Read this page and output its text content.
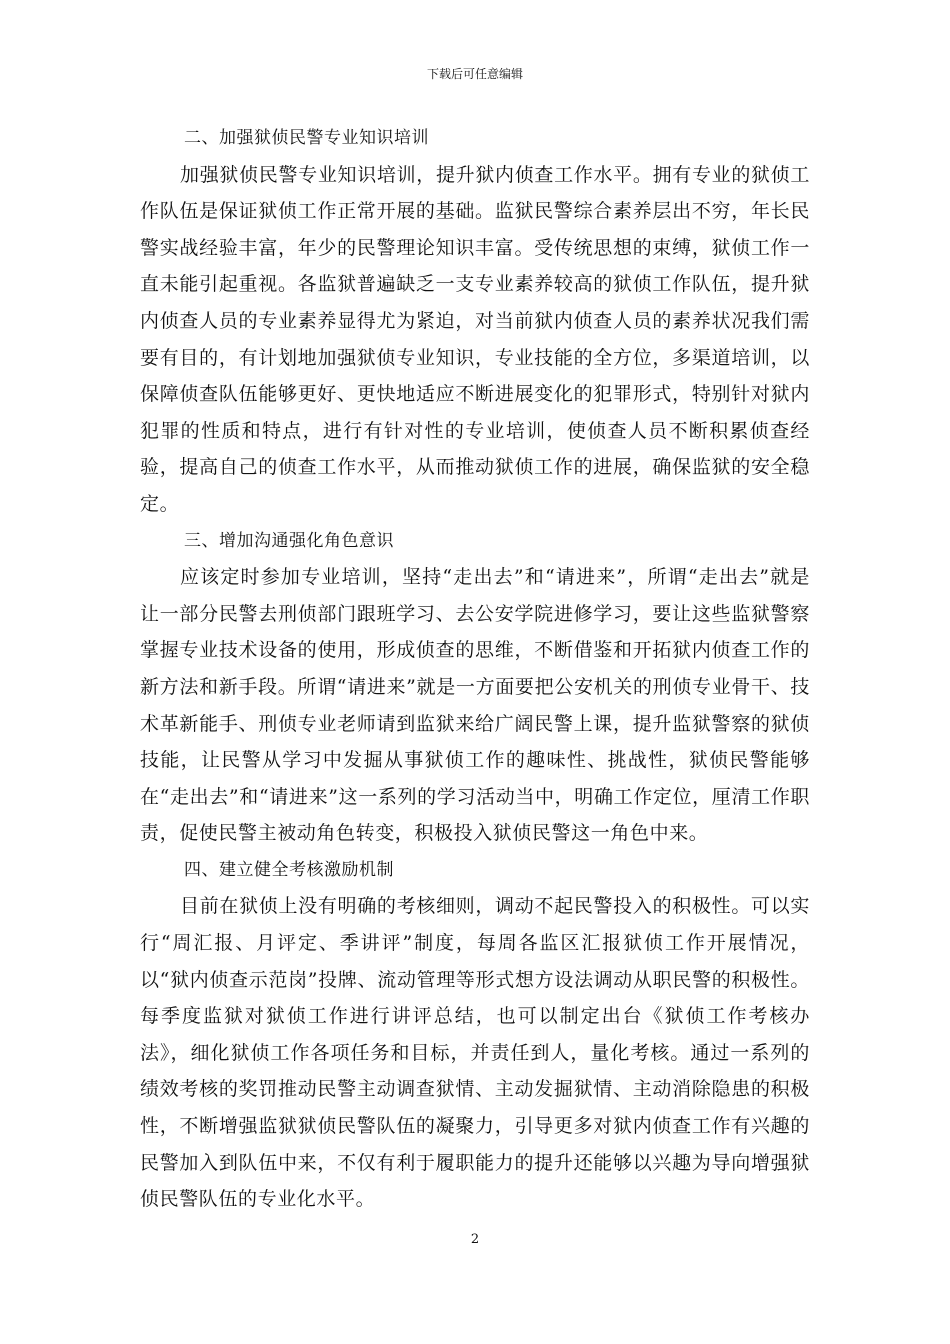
下载后可任意编辑
二、加强狱侦民警专业知识培训

加强狱侦民警专业知识培训，提升狱内侦查工作水平。拥有专业的狱侦工作队伍是保证狱侦工作正常开展的基础。监狱民警综合素养层出不穷，年长民警实战经验丰富，年少的民警理论知识丰富。受传统思想的束缚，狱侦工作一直未能引起重视。各监狱普遍缺乏一支专业素养较高的狱侦工作队伍，提升狱内侦查人员的专业素养显得尤为紧迫，对当前狱内侦查人员的素养状况我们需要有目的，有计划地加强狱侦专业知识，专业技能的全方位，多渠道培训，以保障侦查队伍能够更好、更快地适应不断进展变化的犯罪形式，特别针对狱内犯罪的性质和特点，进行有针对性的专业培训，使侦查人员不断积累侦查经验，提高自己的侦查工作水平，从而推动狱侦工作的进展，确保监狱的安全稳定。

三、增加沟通强化角色意识

应该定时参加专业培训，坚持“走出去”和“请进来”，所谓“走出去”就是让一部分民警去刑侦部门跟班学习、去公安学院进修学习，要让这些监狱警察掌握专业技术设备的使用，形成侦查的思维，不断借鉴和开拓狱内侦查工作的新方法和新手段。所谓“请进来”就是一方面要把公安机关的刑侦专业骨干、技术革新能手、刑侦专业老师请到监狱来给广阔民警上课，提升监狱警察的狱侦技能，让民警从学习中发掘从事狱侦工作的趣味性、挑战性，狱侦民警能够在“走出去”和“请进来”这一系列的学习活动当中，明确工作定位，厘清工作职责，促使民警主被动角色转变，积极投入狱侦民警这一角色中来。

四、建立健全考核激励机制

目前在狱侦上没有明确的考核细则，调动不起民警投入的积极性。可以实行“周汇报、月评定、季讲评”制度，每周各监区汇报狱侦工作开展情况，以“狱内侦查示范岗”投牌、流动管理等形式想方设法调动从职民警的积极性。每季度监狱对狱侦工作进行讲评总结，也可以制定出台《狱侦工作考核办法》，细化狱侦工作各项任务和目标，并责任到人，量化考核。通过一系列的绩效考核的奖罚推动民警主动调查狱情、主动发掘狱情、主动消除隐患的积极性，不断增强监狱狱侦民警队伍的凝聚力，引导更多对狱内侦查工作有兴趣的民警加入到队伍中来，不仅有利于履职能力的提升还能够以兴趣为导向增强狱侦民警队伍的专业化水平。

2
